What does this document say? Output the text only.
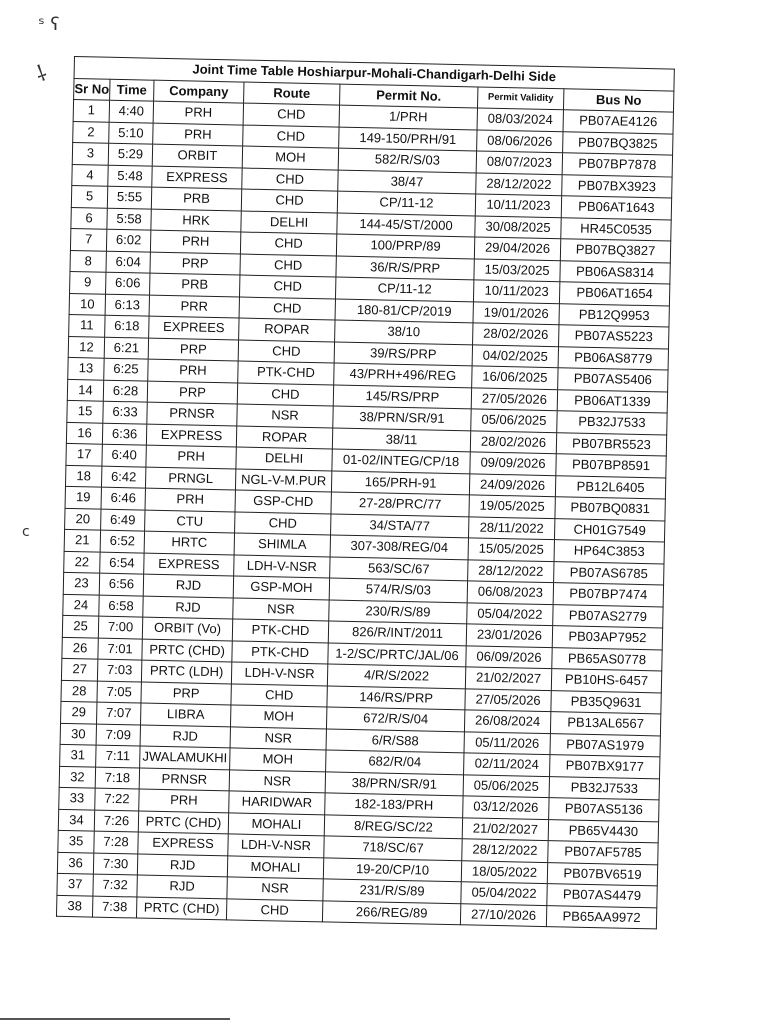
ˢ ʕ
⸸
c
Joint Time Table Hoshiarpur-Mohali-Chandigarh-Delhi Side						
Sr No	Time	Company	Route	Permit No.	Permit Validity	Bus No
1	4:40	PRH	CHD	1/PRH	08/03/2024	PB07AE4126
2	5:10	PRH	CHD	149-150/PRH/91	08/06/2026	PB07BQ3825
3	5:29	ORBIT	MOH	582/R/S/03	08/07/2023	PB07BP7878
4	5:48	EXPRESS	CHD	38/47	28/12/2022	PB07BX3923
5	5:55	PRB	CHD	CP/11-12	10/11/2023	PB06AT1643
6	5:58	HRK	DELHI	144-45/ST/2000	30/08/2025	HR45C0535
7	6:02	PRH	CHD	100/PRP/89	29/04/2026	PB07BQ3827
8	6:04	PRP	CHD	36/R/S/PRP	15/03/2025	PB06AS8314
9	6:06	PRB	CHD	CP/11-12	10/11/2023	PB06AT1654
10	6:13	PRR	CHD	180-81/CP/2019	19/01/2026	PB12Q9953
11	6:18	EXPREES	ROPAR	38/10	28/02/2026	PB07AS5223
12	6:21	PRP	CHD	39/RS/PRP	04/02/2025	PB06AS8779
13	6:25	PRH	PTK-CHD	43/PRH+496/REG	16/06/2025	PB07AS5406
14	6:28	PRP	CHD	145/RS/PRP	27/05/2026	PB06AT1339
15	6:33	PRNSR	NSR	38/PRN/SR/91	05/06/2025	PB32J7533
16	6:36	EXPRESS	ROPAR	38/11	28/02/2026	PB07BR5523
17	6:40	PRH	DELHI	01-02/INTEG/CP/18	09/09/2026	PB07BP8591
18	6:42	PRNGL	NGL-V-M.PUR	165/PRH-91	24/09/2026	PB12L6405
19	6:46	PRH	GSP-CHD	27-28/PRC/77	19/05/2025	PB07BQ0831
20	6:49	CTU	CHD	34/STA/77	28/11/2022	CH01G7549
21	6:52	HRTC	SHIMLA	307-308/REG/04	15/05/2025	HP64C3853
22	6:54	EXPRESS	LDH-V-NSR	563/SC/67	28/12/2022	PB07AS6785
23	6:56	RJD	GSP-MOH	574/R/S/03	06/08/2023	PB07BP7474
24	6:58	RJD	NSR	230/R/S/89	05/04/2022	PB07AS2779
25	7:00	ORBIT (Vo)	PTK-CHD	826/R/INT/2011	23/01/2026	PB03AP7952
26	7:01	PRTC (CHD)	PTK-CHD	1-2/SC/PRTC/JAL/06	06/09/2026	PB65AS0778
27	7:03	PRTC (LDH)	LDH-V-NSR	4/R/S/2022	21/02/2027	PB10HS-6457
28	7:05	PRP	CHD	146/RS/PRP	27/05/2026	PB35Q9631
29	7:07	LIBRA	MOH	672/R/S/04	26/08/2024	PB13AL6567
30	7:09	RJD	NSR	6/R/S88	05/11/2026	PB07AS1979
31	7:11	JWALAMUKHI	MOH	682/R/04	02/11/2024	PB07BX9177
32	7:18	PRNSR	NSR	38/PRN/SR/91	05/06/2025	PB32J7533
33	7:22	PRH	HARIDWAR	182-183/PRH	03/12/2026	PB07AS5136
34	7:26	PRTC (CHD)	MOHALI	8/REG/SC/22	21/02/2027	PB65V4430
35	7:28	EXPRESS	LDH-V-NSR	718/SC/67	28/12/2022	PB07AF5785
36	7:30	RJD	MOHALI	19-20/CP/10	18/05/2022	PB07BV6519
37	7:32	RJD	NSR	231/R/S/89	05/04/2022	PB07AS4479
38	7:38	PRTC (CHD)	CHD	266/REG/89	27/10/2026	PB65AA9972
